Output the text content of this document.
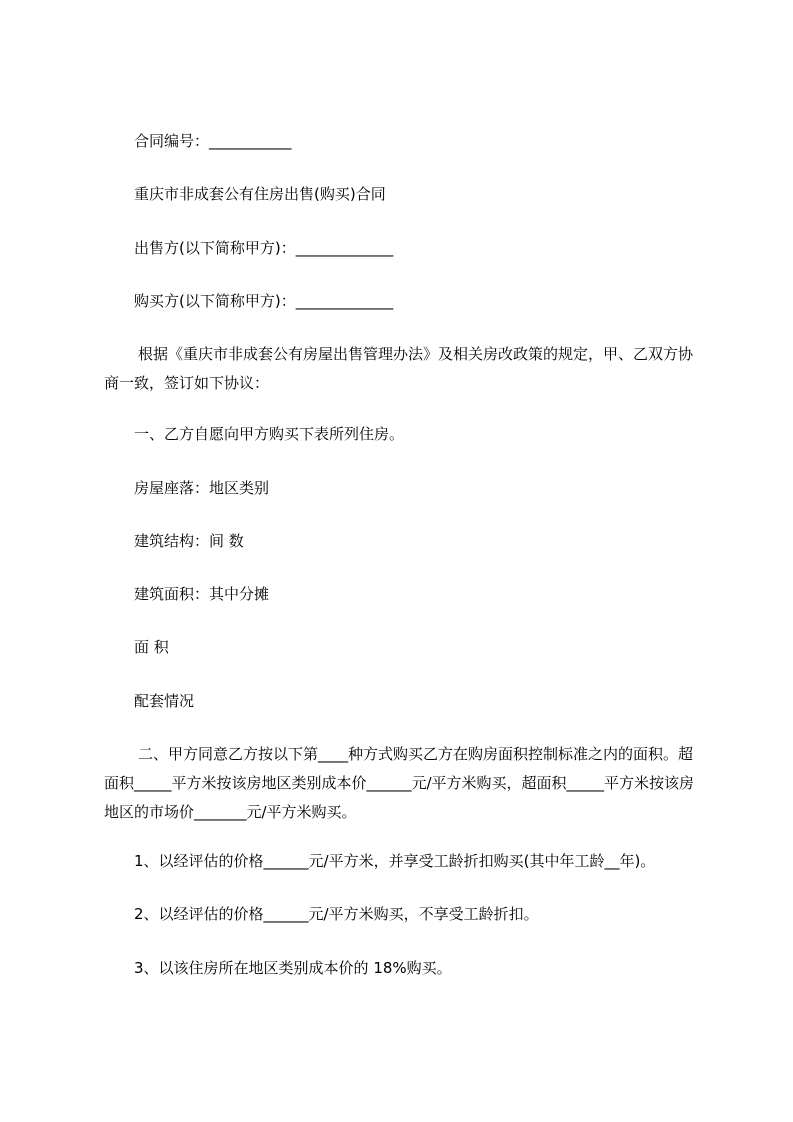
合同编号：___________
重庆市非成套公有住房出售(购买)合同
出售方(以下简称甲方)：_____________
购买方(以下简称甲方)：_____________
根据《重庆市非成套公有房屋出售管理办法》及相关房改政策的规定，甲、乙双方协商一致，签订如下协议：
一、乙方自愿向甲方购买下表所列住房。
房屋座落：地区类别
建筑结构：间 数
建筑面积：其中分摊
面 积
配套情况
二、甲方同意乙方按以下第____种方式购买乙方在购房面积控制标准之内的面积。超面积_____平方米按该房地区类别成本价______元/平方米购买，超面积_____平方米按该房地区的市场价_______元/平方米购买。
1、以经评估的价格______元/平方米，并享受工龄折扣购买(其中年工龄__年)。
2、以经评估的价格______元/平方米购买，不享受工龄折扣。
3、以该住房所在地区类别成本价的 18%购买。
